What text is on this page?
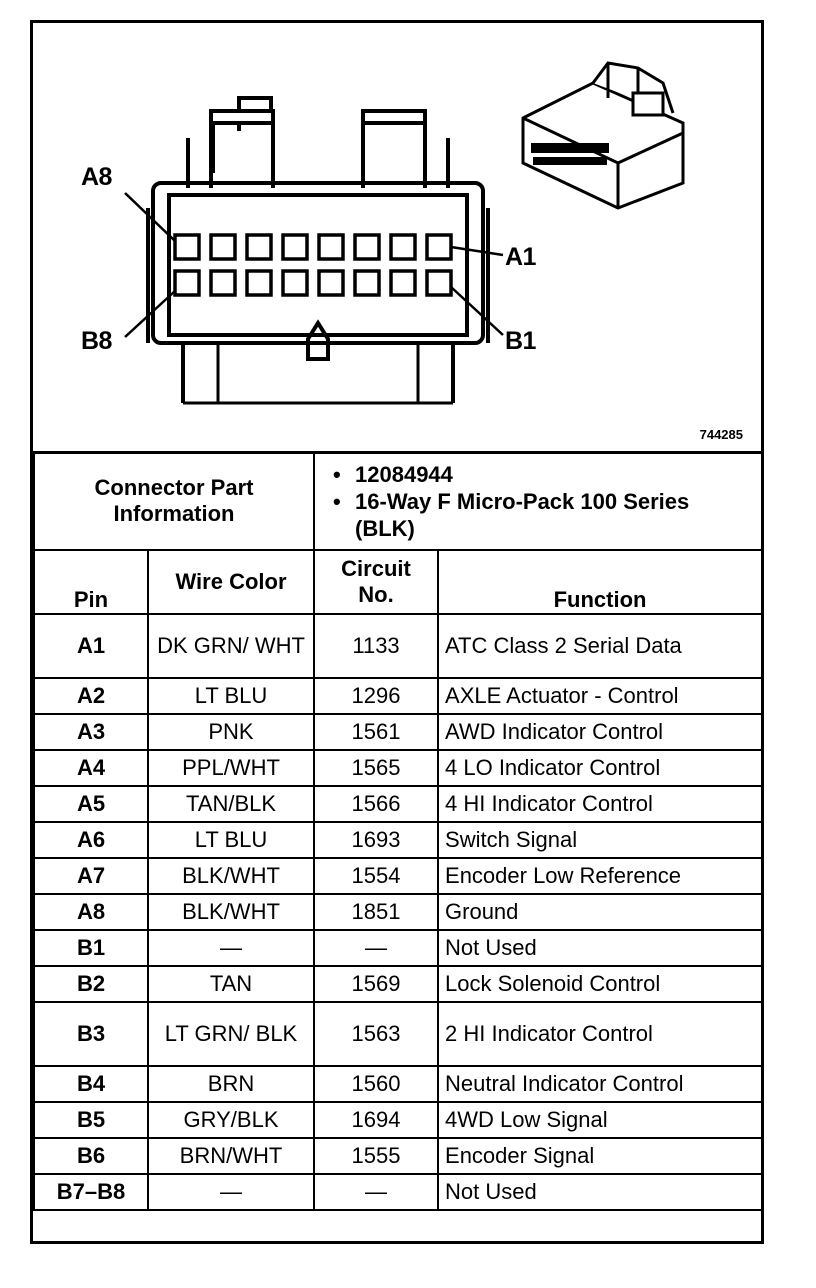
A8
A1
B8	B1
744285
Connector Part Information		• 12084944
• 16-Way F Micro-Pack 100 Series (BLK)	

Pin	Wire Color	Circuit No.	Function
A1	DK GRN/ WHT	1133	ATC Class 2 Serial Data
A2	LT BLU	1296	AXLE Actuator - Control
A3	PNK	1561	AWD Indicator Control
A4	PPL/WHT	1565	4 LO Indicator Control
A5	TAN/BLK	1566	4 HI Indicator Control
A6	LT BLU	1693	Switch Signal
A7	BLK/WHT	1554	Encoder Low Reference
A8	BLK/WHT	1851	Ground
B1	—	—	Not Used
B2	TAN	1569	Lock Solenoid Control
B3	LT GRN/ BLK	1563	2 HI Indicator Control
B4	BRN	1560	Neutral Indicator Control
B5	GRY/BLK	1694	4WD Low Signal
B6	BRN/WHT	1555	Encoder Signal
B7–B8	—	—	Not Used
